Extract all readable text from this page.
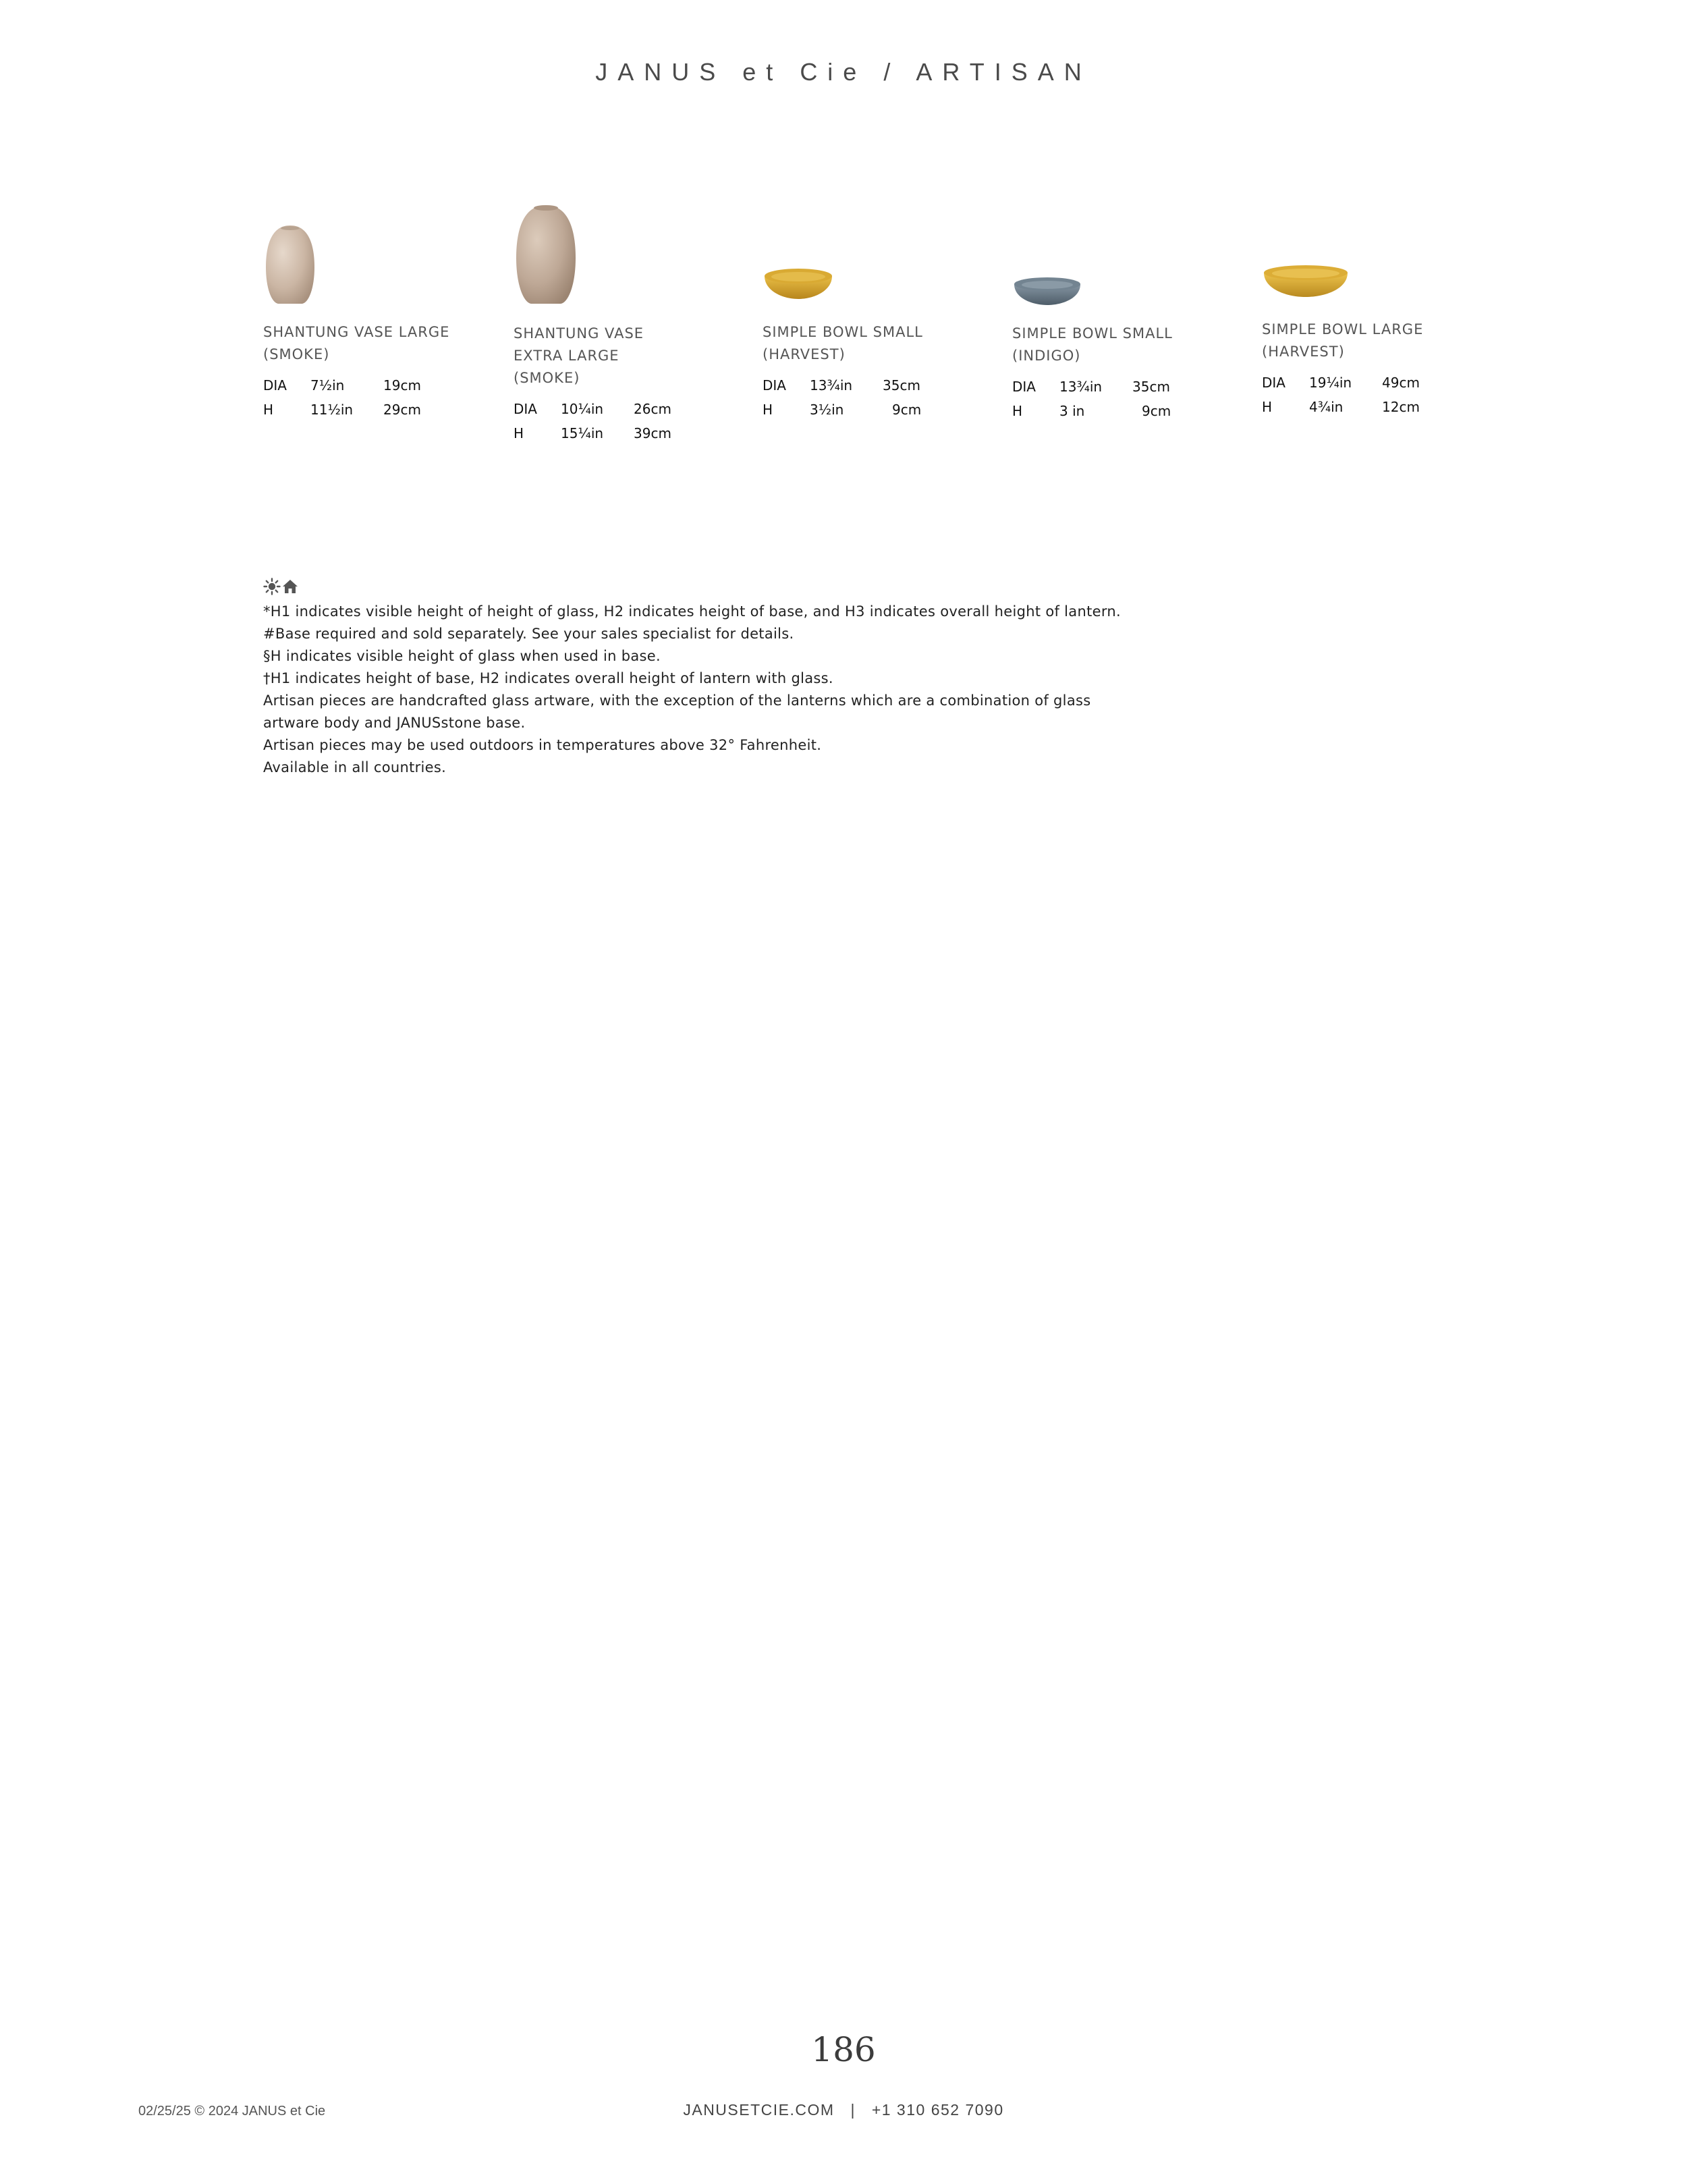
JANUS et Cie / ARTISAN
SHANTUNG VASE LARGE
(SMOKE)
DIA 7½in	19cm
H	11½in 29cm
SHANTUNG VASE
EXTRA LARGE
(SMOKE)
DIA 10¼in 26cm
H	15¼in 39cm
SIMPLE BOWL SMALL
(HARVEST)
DIA 13¾in 35cm
H	3½in	9cm
SIMPLE BOWL SMALL
(INDIGO)
DIA 13¾in 35cm
H	3 in	9cm
SIMPLE BOWL LARGE
(HARVEST)
DIA 19¼in 49cm
H	4¾in	12cm
*H1 indicates visible height of height of glass, H2 indicates height of base, and H3 indicates overall height of lantern.
#Base required and sold separately. See your sales specialist for details.
§H indicates visible height of glass when used in base.
†H1 indicates height of base, H2 indicates overall height of lantern with glass.
Artisan pieces are handcrafted glass artware, with the exception of the lanterns which are a combination of glass
artware body and JANUSstone base.
Artisan pieces may be used outdoors in temperatures above 32° Fahrenheit.
Available in all countries.
186
02/25/25 © 2024 JANUS et Cie	JANUSETCIE.COM | +1 310 652 7090
